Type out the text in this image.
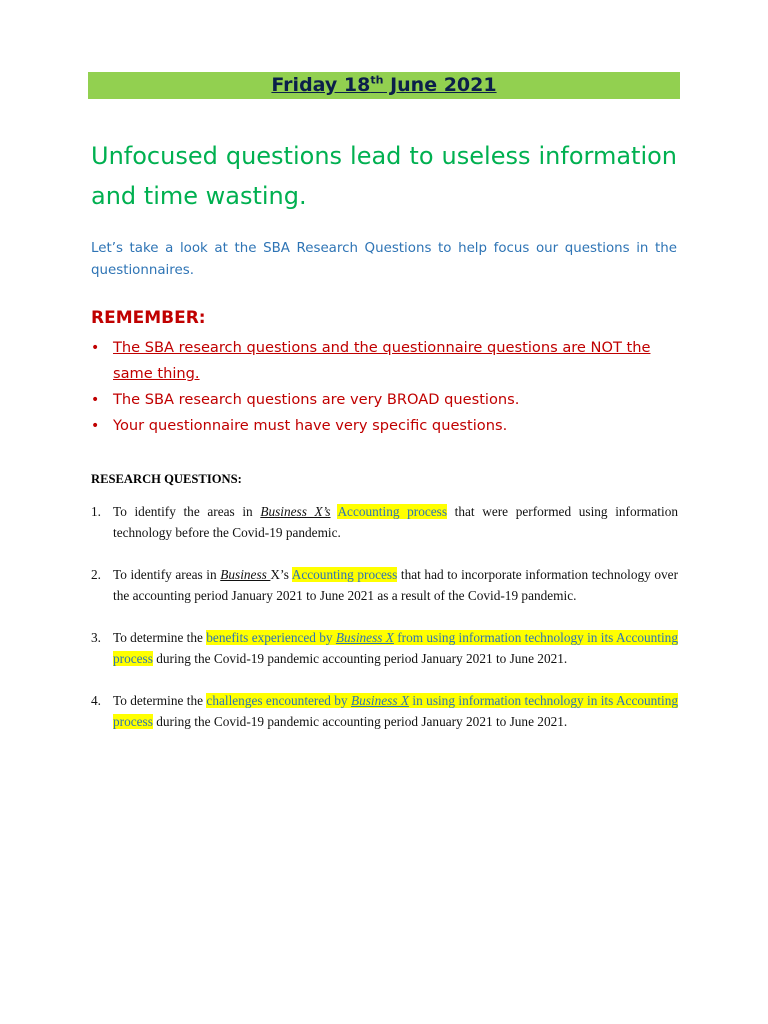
Friday 18th June 2021

Unfocused questions lead to useless information and time wasting.

Let’s take a look at the SBA Research Questions to help focus our questions in the questionnaires.

REMEMBER:

• The SBA research questions and the questionnaire questions are NOT the same thing.
• The SBA research questions are very BROAD questions.
• Your questionnaire must have very specific questions.

RESEARCH QUESTIONS:

1. To identify the areas in Business X’s Accounting process that were performed using information technology before the Covid-19 pandemic.
2. To identify areas in Business X’s Accounting process that had to incorporate information technology over the accounting period January 2021 to June 2021 as a result of the Covid-19 pandemic.
3. To determine the benefits experienced by Business X from using information technology in its Accounting process during the Covid-19 pandemic accounting period January 2021 to June 2021.
4. To determine the challenges encountered by Business X in using information technology in its Accounting process during the Covid-19 pandemic accounting period January 2021 to June 2021.
